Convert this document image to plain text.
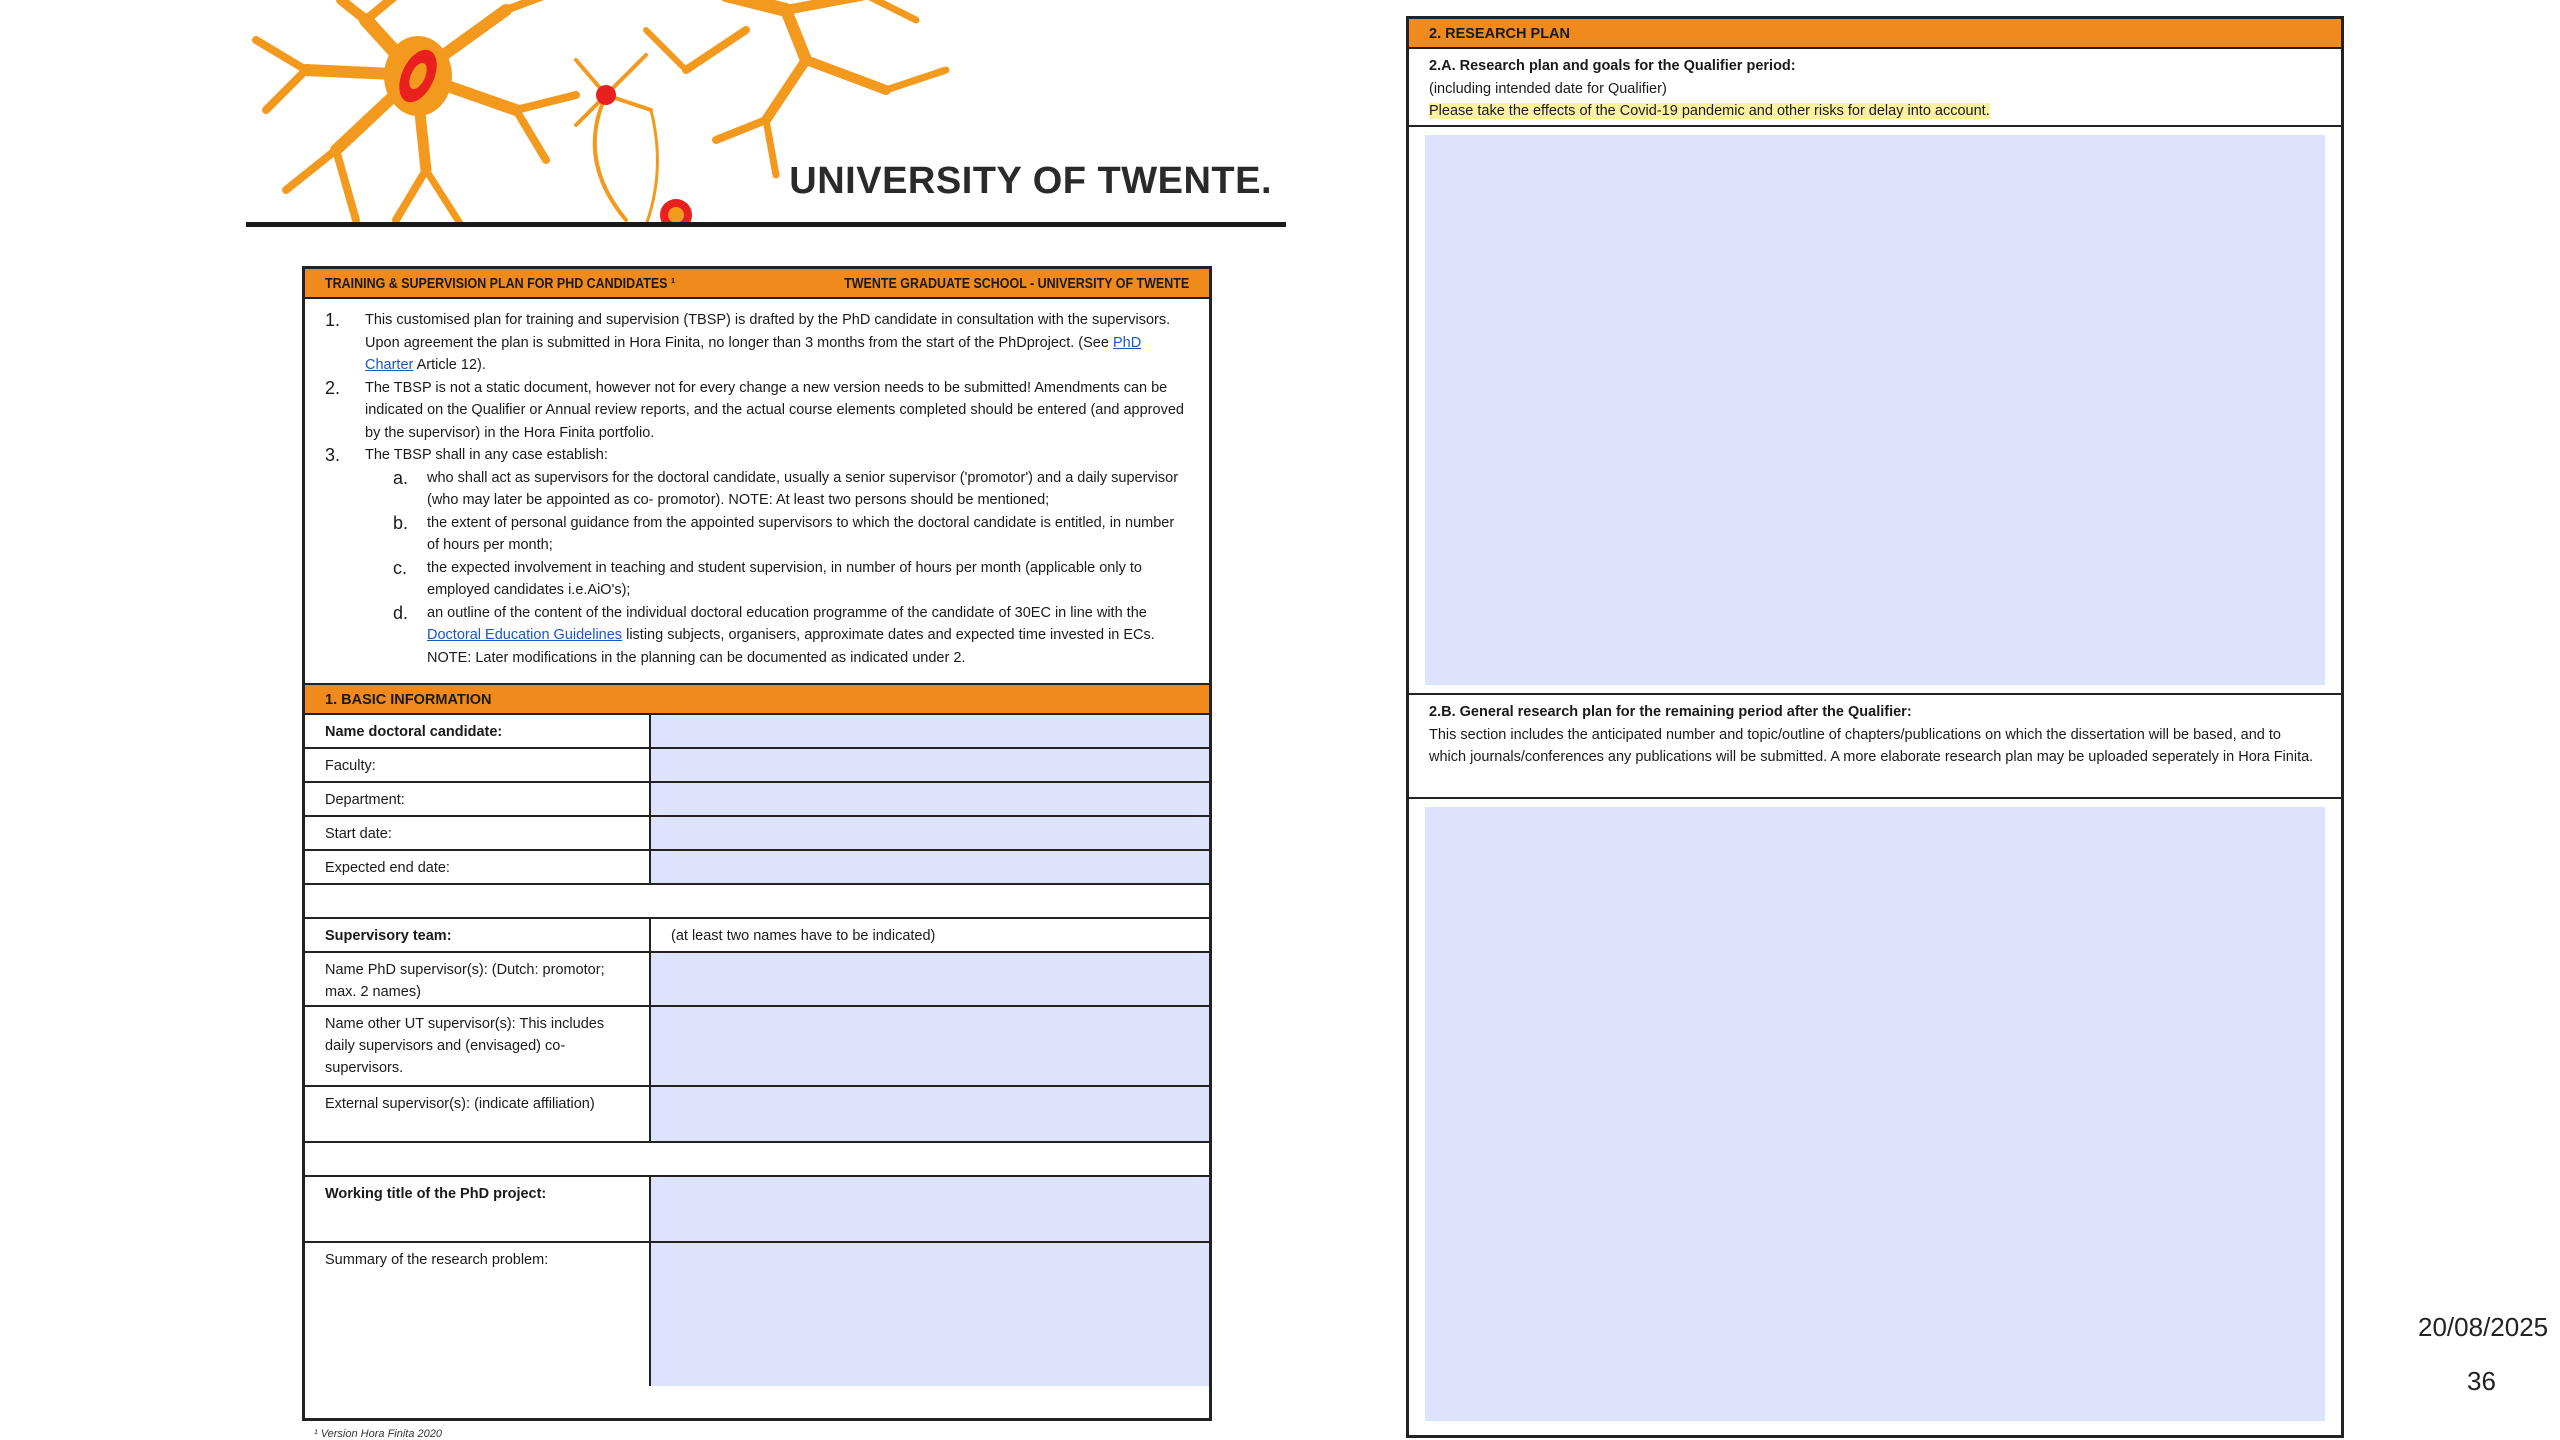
UNIVERSITY OF TWENTE.
TRAINING & SUPERVISION PLAN FOR PHD CANDIDATES ¹	TWENTE GRADUATE SCHOOL - UNIVERSITY OF TWENTE
1.	This customised plan for training and supervision (TBSP) is drafted by the PhD candidate in consultation with the supervisors. Upon agreement the plan is submitted in Hora Finita, no longer than 3 months from the start of the PhDproject. (See PhD Charter Article 12).
2.	The TBSP is not a static document, however not for every change a new version needs to be submitted! Amendments can be indicated on the Qualifier or Annual review reports, and the actual course elements completed should be entered (and approved by the supervisor) in the Hora Finita portfolio.
3.	The TBSP shall in any case establish:
a.	who shall act as supervisors for the doctoral candidate, usually a senior supervisor ('promotor') and a daily supervisor (who may later be appointed as co- promotor). NOTE: At least two persons should be mentioned;
b.	the extent of personal guidance from the appointed supervisors to which the doctoral candidate is entitled, in number of hours per month;
c.	the expected involvement in teaching and student supervision, in number of hours per month (applicable only to employed candidates i.e.AiO's);
d.	an outline of the content of the individual doctoral education programme of the candidate of 30EC in line with the Doctoral Education Guidelines listing subjects, organisers, approximate dates and expected time invested in ECs.
NOTE: Later modifications in the planning can be documented as indicated under 2.
1. BASIC INFORMATION
Name doctoral candidate:
Faculty:
Department:
Start date:
Expected end date:
Supervisory team:	(at least two names have to be indicated)
Name PhD supervisor(s): (Dutch: promotor; max. 2 names)
Name other UT supervisor(s): This includes daily supervisors and (envisaged) co-supervisors.
External supervisor(s): (indicate affiliation)
Working title of the PhD project:
Summary of the research problem:
¹ Version Hora Finita 2020
2. RESEARCH PLAN
2.A. Research plan and goals for the Qualifier period:
(including intended date for Qualifier)
Please take the effects of the Covid-19 pandemic and other risks for delay into account.
2.B. General research plan for the remaining period after the Qualifier:
This section includes the anticipated number and topic/outline of chapters/publications on which the dissertation will be based, and to which journals/conferences any publications will be submitted. A more elaborate research plan may be uploaded seperately in Hora Finita.
20/08/2025
36
